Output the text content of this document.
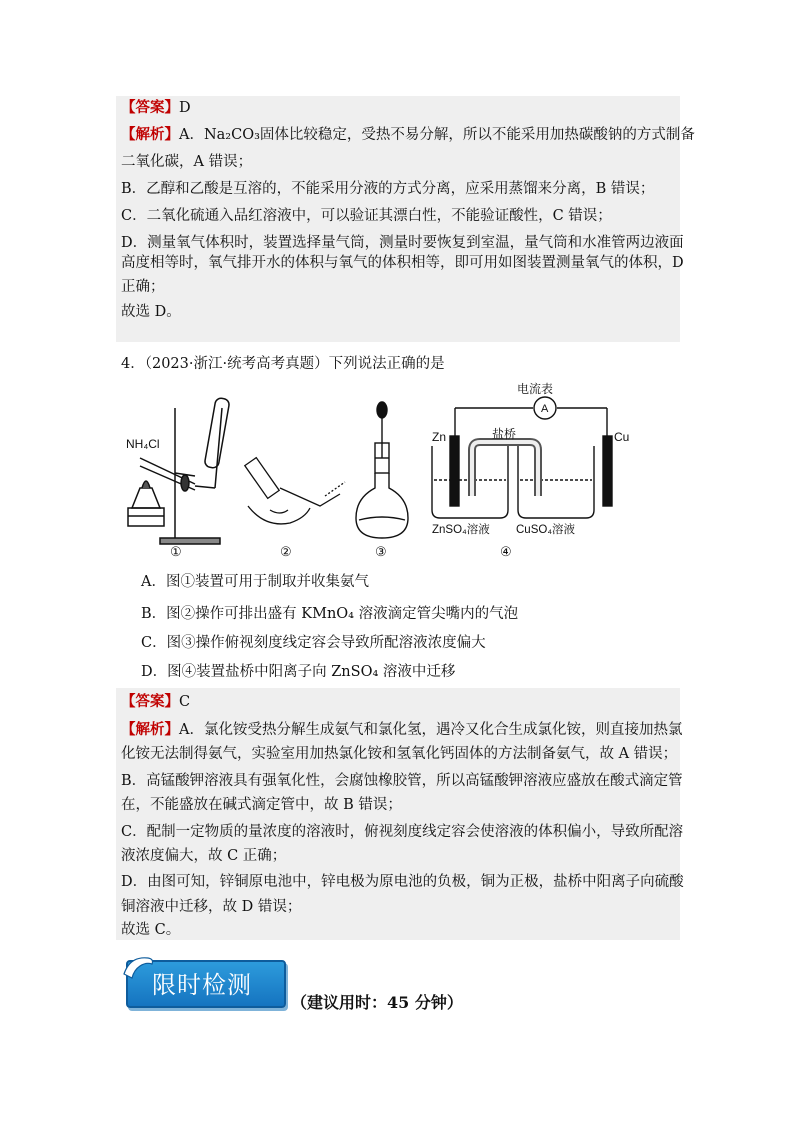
【答案】D
【解析】A．Na₂CO₃固体比较稳定，受热不易分解，所以不能采用加热碳酸钠的方式制备
二氧化碳，A 错误；
B．乙醇和乙酸是互溶的，不能采用分液的方式分离，应采用蒸馏来分离，B 错误；
C．二氧化硫通入品红溶液中，可以验证其漂白性，不能验证酸性，C 错误；
D．测量氧气体积时，装置选择量气筒，测量时要恢复到室温，量气筒和水准管两边液面
高度相等时，氧气排开水的体积与氧气的体积相等，即可用如图装置测量氧气的体积，D
正确；
故选 D。
4．（2023·浙江·统考高考真题）下列说法正确的是
NH₄Cl
电流表
A
盐桥
Zn	Cu
ZnSO₄溶液 CuSO₄溶液
①	②	③	④
A．图①装置可用于制取并收集氨气
B．图②操作可排出盛有 KMnO₄ 溶液滴定管尖嘴内的气泡
C．图③操作俯视刻度线定容会导致所配溶液浓度偏大
D．图④装置盐桥中阳离子向 ZnSO₄ 溶液中迁移
【答案】C
【解析】A．氯化铵受热分解生成氨气和氯化氢，遇冷又化合生成氯化铵，则直接加热氯
化铵无法制得氨气，实验室用加热氯化铵和氢氧化钙固体的方法制备氨气，故 A 错误；
B．高锰酸钾溶液具有强氧化性，会腐蚀橡胶管，所以高锰酸钾溶液应盛放在酸式滴定管
在，不能盛放在碱式滴定管中，故 B 错误；
C．配制一定物质的量浓度的溶液时，俯视刻度线定容会使溶液的体积偏小，导致所配溶
液浓度偏大，故 C 正确；
D．由图可知，锌铜原电池中，锌电极为原电池的负极，铜为正极，盐桥中阳离子向硫酸
铜溶液中迁移，故 D 错误；
故选 C。
限时检测
（建议用时：45 分钟）
